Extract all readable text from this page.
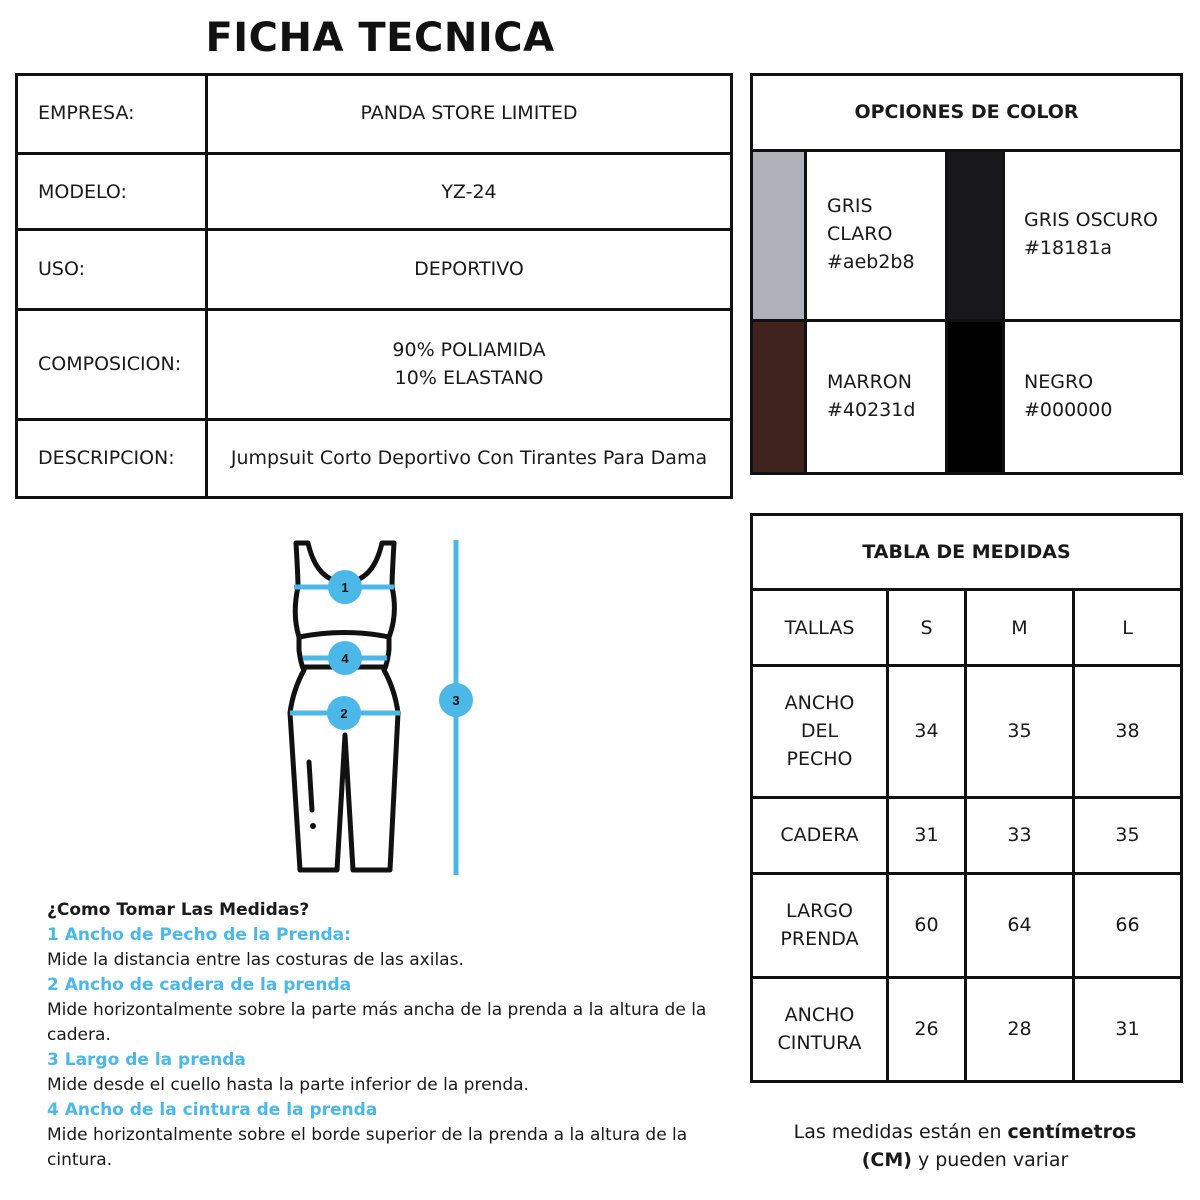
FICHA TECNICA
EMPRESA:	PANDA STORE LIMITED
MODELO:	YZ-24
USO:	DEPORTIVO
COMPOSICION:
90% POLIAMIDA
10% ELASTANO
DESCRIPCION:	Jumpsuit Corto Deportivo Con Tirantes Para Dama
OPCIONES DE COLOR
GRIS
CLARO
#aeb2b8
GRIS OSCURO
#18181a
MARRON
#40231d
NEGRO
#000000
TABLA DE MEDIDAS
TALLAS	S	M	L
ANCHO
DEL
PECHO
34	35	38
CADERA	31	33	35
LARGO
PRENDA
60	64	66
ANCHO
CINTURA
26	28	31
1
4
2
3
¿Como Tomar Las Medidas?
1 Ancho de Pecho de la Prenda:
Mide la distancia entre las costuras de las axilas.
2 Ancho de cadera de la prenda
Mide horizontalmente sobre la parte más ancha de la prenda a la altura de la
cadera.
3 Largo de la prenda
Mide desde el cuello hasta la parte inferior de la prenda.
4 Ancho de la cintura de la prenda
Mide horizontalmente sobre el borde superior de la prenda a la altura de la
cintura.
Las medidas están en centímetros
(CM) y pueden variar
